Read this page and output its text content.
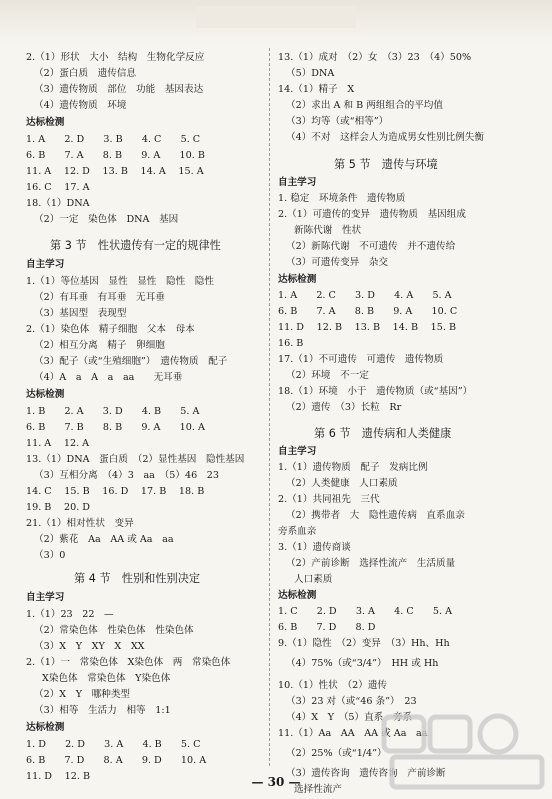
2.（1）形状　大小　结构　生物化学反应
（2）蛋白质　遗传信息
（3）遗传物质　部位　功能　基因表达
（4）遗传物质　环境
达标检测
1. A　　2. D　　3. B　　4. C　　5. C
6. B　　7. A　　8. B　　9. A　　10. B
11. A　 12. D　 13. B　 14. A　 15. A
16. C　 17. A
18.（1）DNA
（2）一定　染色体　DNA　基因
第 3 节　性状遗传有一定的规律性
自主学习
1.（1）等位基因　显性　显性　隐性　隐性
（2）有耳垂　有耳垂　无耳垂
（3）基因型　表现型
2.（1）染色体　精子细胞　父本　母本
（2）相互分离　精子　卵细胞
（3）配子（或“生殖细胞”）　遗传物质　配子
（4）A　a　A　a　aa　　无耳垂
达标检测
1. B　　2. A　　3. D　　4. B　　5. A
6. B　　7. B　　8. B　　9. A　　10. A
11. A　 12. A
13.（1）DNA　蛋白质　（2）显性基因　隐性基因
（3）互相分离　（4）3　aa　（5）46　23
14. C　 15. B　 16. D　 17. B　 18. B
19. B　 20. D
21.（1）相对性状　变异
（2）紫花　Aa　AA 或 Aa　aa
（3）0
第 4 节　性别和性别决定
自主学习
1.（1）23　22　—
（2）常染色体　性染色体　性染色体
（3）X　Y　XY　X　XX
2.（1）一　常染色体　X染色体　两　常染色体
X染色体　常染色体　Y染色体
（2）X　Y　哪种类型
（3）相等　生活力　相等　1:1
达标检测
1. D　　2. D　　3. A　　4. B　　5. C
6. B　　7. D　　8. A　　9. D　　10. A
11. D　 12. B
13.（1）成对　（2）女　（3）23　（4）50%
（5）DNA
14.（1）精子　X
（2）求出 A 和 B 两组组合的平均值
（3）均等（或“相等”）
（4）不对　这样会人为造成男女性别比例失衡
第 5 节　遗传与环境
自主学习
1. 稳定　环境条件　遗传物质
2.（1）可遗传的变异　遗传物质　基因组成
新陈代谢　性状
（2）新陈代谢　不可遗传　并不遗传给
（3）可遗传变异　杂交
达标检测
1. A　　2. C　　3. D　　4. A　　5. A
6. B　　7. A　　8. B　　9. A　　10. C
11. D　 12. B　 13. B　 14. B　 15. B
16. B
17.（1）不可遗传　可遗传　遗传物质
（2）环境　不一定
18.（1）环境　小于　遗传物质（或“基因”）
（2）遗传　（3）长粒　Rr
第 6 节　遗传病和人类健康
自主学习
1.（1）遗传物质　配子　发病比例
（2）人类健康　人口素质
2.（1）共同祖先　三代
（2）携带者　大　隐性遗传病　直系血亲
旁系血亲
3.（1）遗传商谈
（2）产前诊断　选择性流产　生活质量
人口素质
达标检测
1. C　　2. D　　3. A　　4. C　　5. A
6. B　　7. D　　8. D
9.（1）隐性　（2）变异　（3）Hh、Hh
（4）75%（或“3/4”）　HH 或 Hh
10.（1）性状　（2）遗传
（3）23 对（或“46 条”）　23
（4）X　Y　（5）直系　旁系
11.（1）Aa　AA　AA 或 Aa　aa
（2）25%（或“1/4”）
（3）遗传咨询　遗传咨询　产前诊断
选择性流产
— 30 —
